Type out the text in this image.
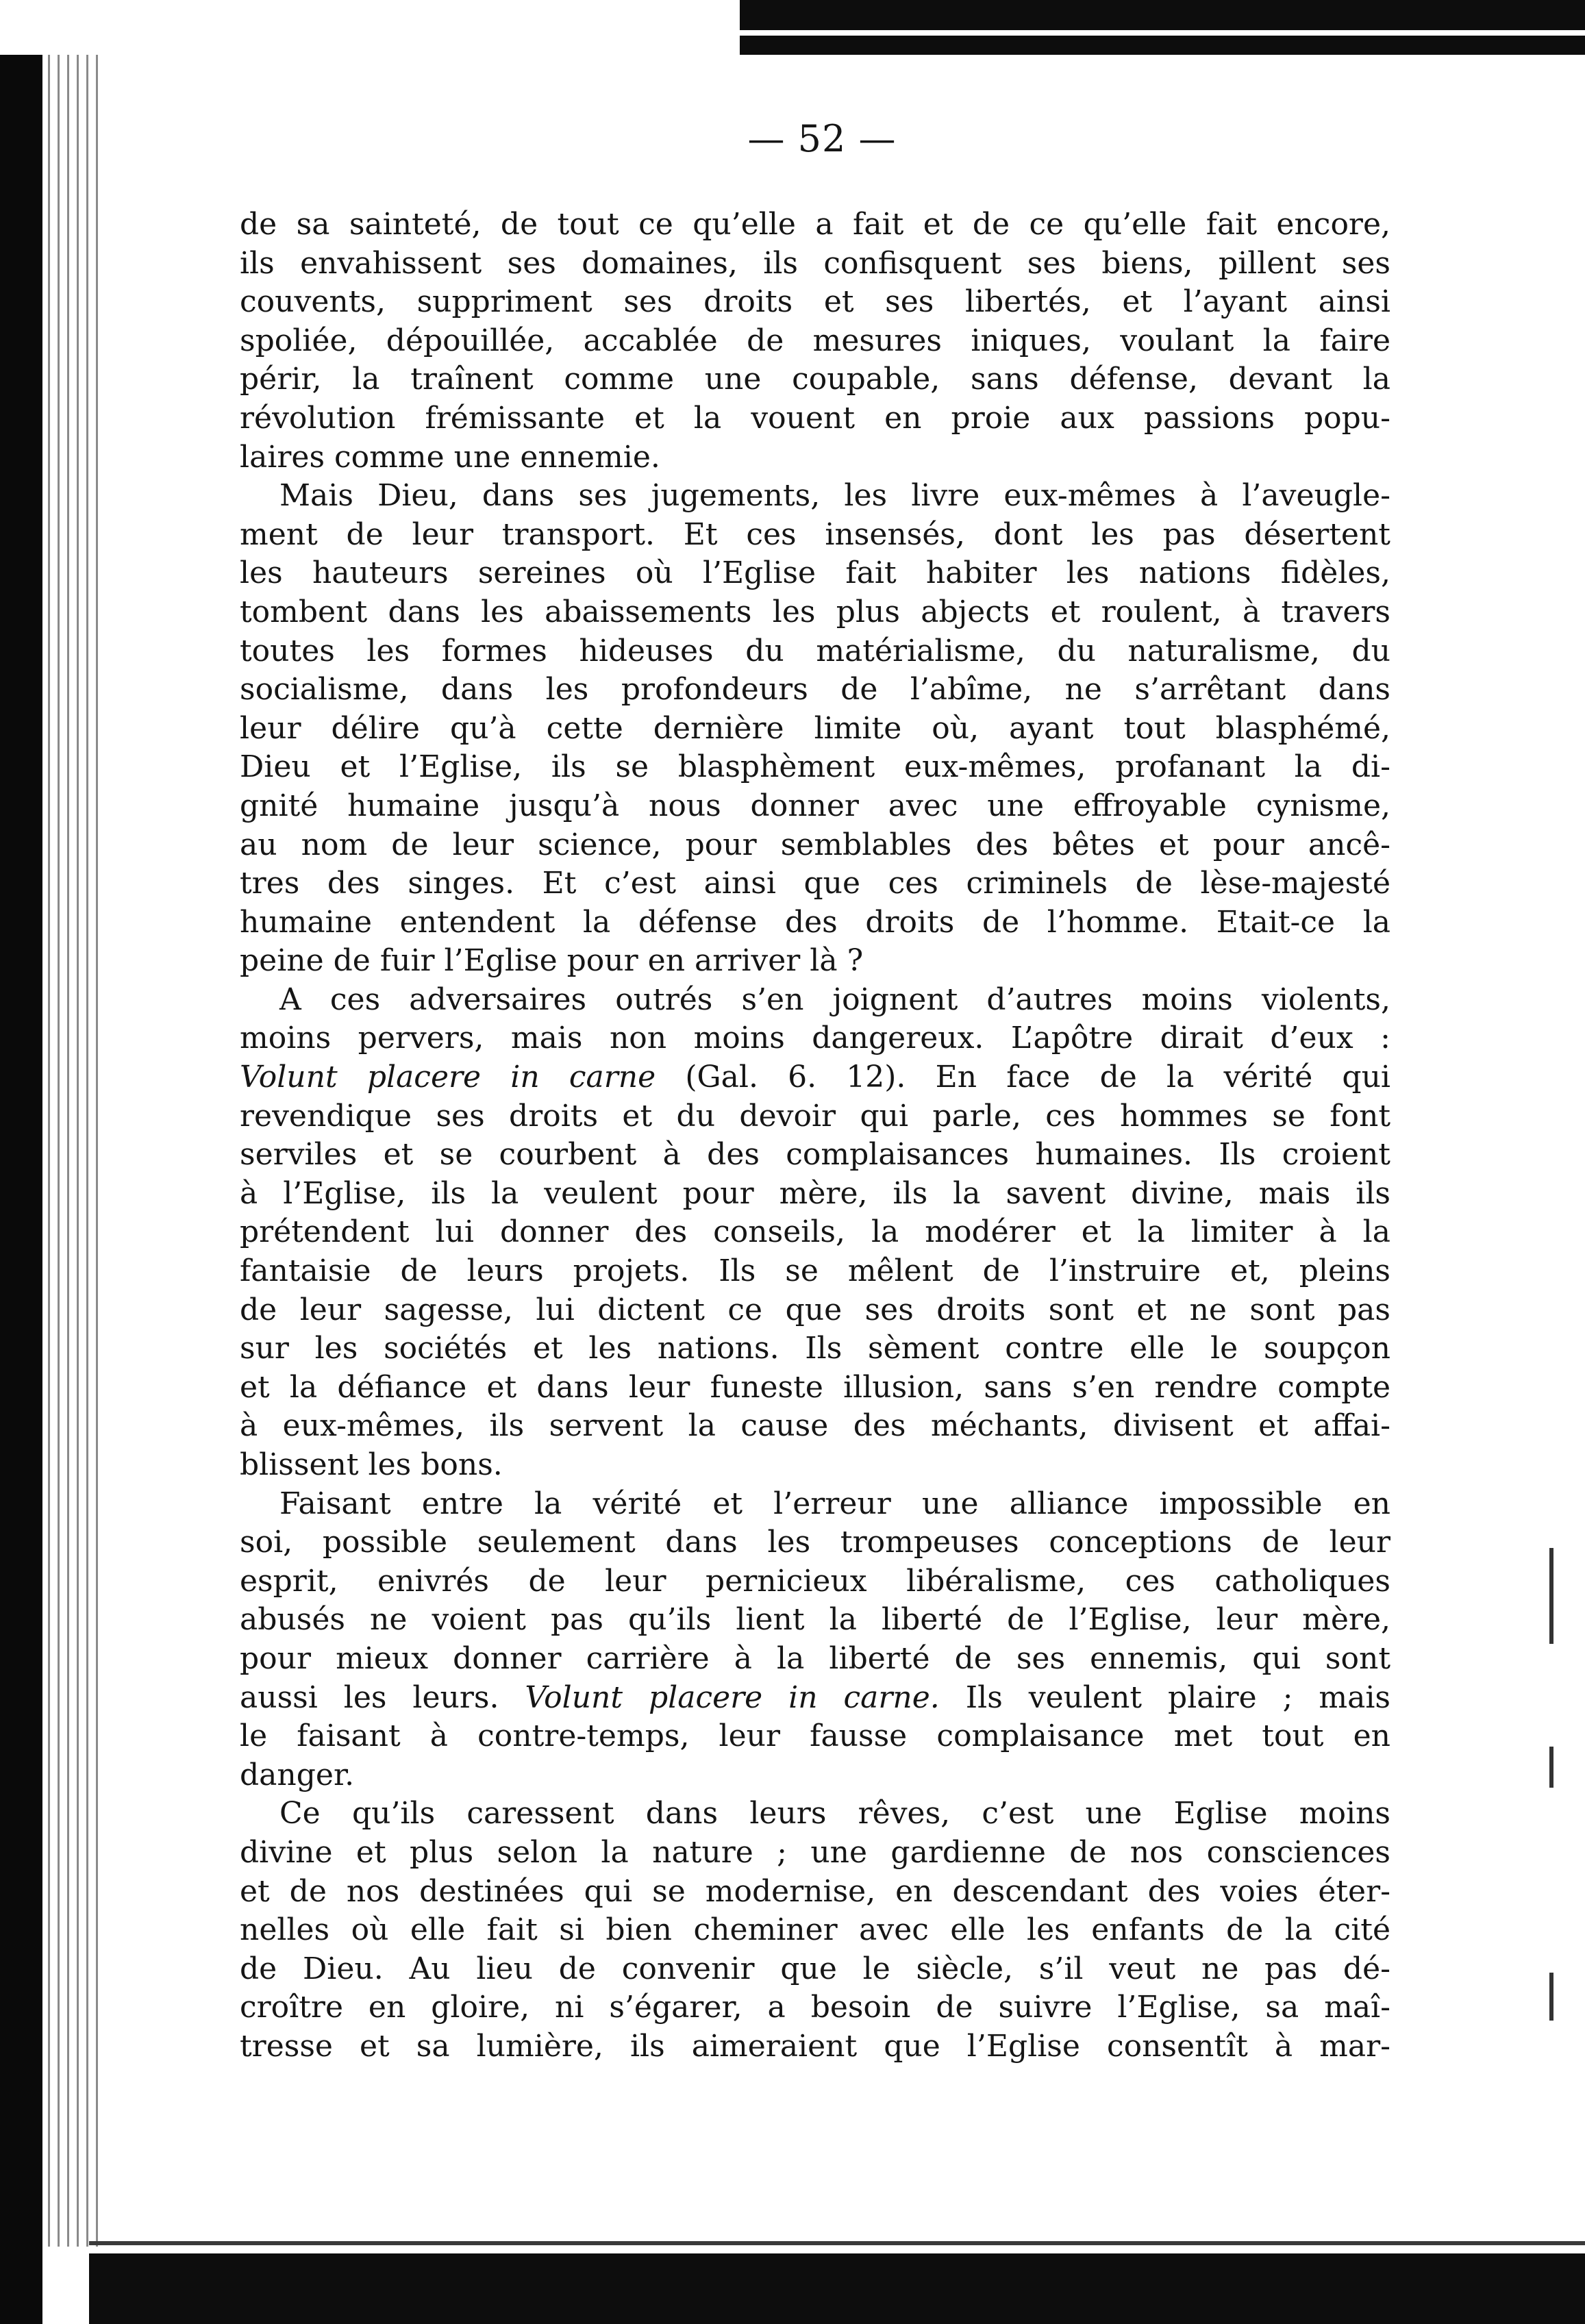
— 52 —
de sa sainteté, de tout ce qu’elle a fait et de ce qu’elle fait encore,
ils envahissent ses domaines, ils confisquent ses biens, pillent ses
couvents, suppriment ses droits et ses libertés, et l’ayant ainsi
spoliée, dépouillée, accablée de mesures iniques, voulant la faire
périr, la traînent comme une coupable, sans défense, devant la
révolution frémissante et la vouent en proie aux passions popu-
laires comme une ennemie.
Mais Dieu, dans ses jugements, les livre eux-mêmes à l’aveugle-
ment de leur transport. Et ces insensés, dont les pas désertent
les hauteurs sereines où l’Eglise fait habiter les nations fidèles,
tombent dans les abaissements les plus abjects et roulent, à travers
toutes les formes hideuses du matérialisme, du naturalisme, du
socialisme, dans les profondeurs de l’abîme, ne s’arrêtant dans
leur délire qu’à cette dernière limite où, ayant tout blasphémé,
Dieu et l’Eglise, ils se blasphèment eux-mêmes, profanant la di-
gnité humaine jusqu’à nous donner avec une effroyable cynisme,
au nom de leur science, pour semblables des bêtes et pour ancê-
tres des singes. Et c’est ainsi que ces criminels de lèse-majesté
humaine entendent la défense des droits de l’homme. Etait-ce la
peine de fuir l’Eglise pour en arriver là ?
A ces adversaires outrés s’en joignent d’autres moins violents,
moins pervers, mais non moins dangereux. L’apôtre dirait d’eux :
Volunt placere in carne (Gal. 6. 12). En face de la vérité qui
revendique ses droits et du devoir qui parle, ces hommes se font
serviles et se courbent à des complaisances humaines. Ils croient
à l’Eglise, ils la veulent pour mère, ils la savent divine, mais ils
prétendent lui donner des conseils, la modérer et la limiter à la
fantaisie de leurs projets. Ils se mêlent de l’instruire et, pleins
de leur sagesse, lui dictent ce que ses droits sont et ne sont pas
sur les sociétés et les nations. Ils sèment contre elle le soupçon
et la défiance et dans leur funeste illusion, sans s’en rendre compte
à eux-mêmes, ils servent la cause des méchants, divisent et affai-
blissent les bons.
Faisant entre la vérité et l’erreur une alliance impossible en
soi, possible seulement dans les trompeuses conceptions de leur
esprit, enivrés de leur pernicieux libéralisme, ces catholiques
abusés ne voient pas qu’ils lient la liberté de l’Eglise, leur mère,
pour mieux donner carrière à la liberté de ses ennemis, qui sont
aussi les leurs. Volunt placere in carne. Ils veulent plaire ; mais
le faisant à contre-temps, leur fausse complaisance met tout en
danger.
Ce qu’ils caressent dans leurs rêves, c’est une Eglise moins
divine et plus selon la nature ; une gardienne de nos consciences
et de nos destinées qui se modernise, en descendant des voies éter-
nelles où elle fait si bien cheminer avec elle les enfants de la cité
de Dieu. Au lieu de convenir que le siècle, s’il veut ne pas dé-
croître en gloire, ni s’égarer, a besoin de suivre l’Eglise, sa maî-
tresse et sa lumière, ils aimeraient que l’Eglise consentît à mar-
